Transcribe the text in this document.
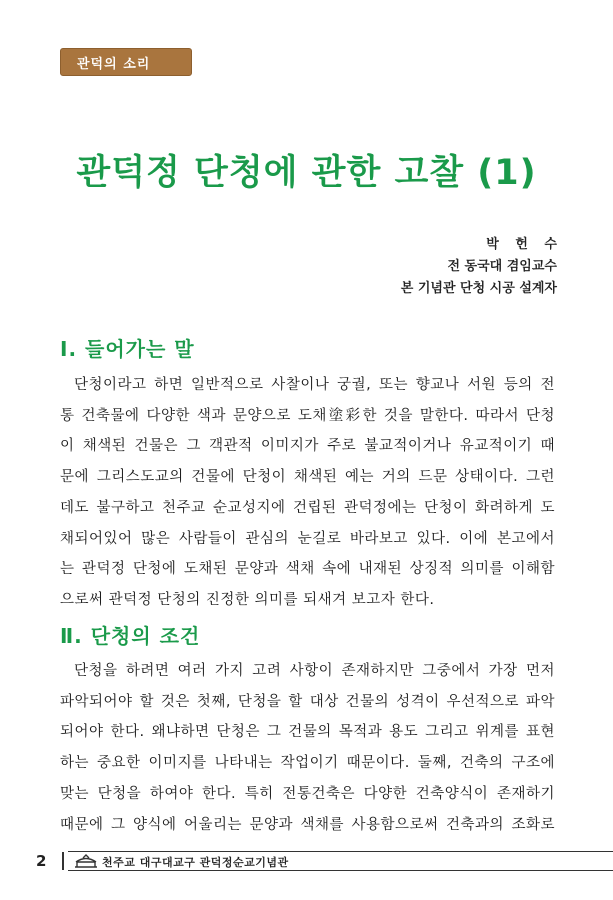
관덕의 소리
관덕정 단청에 관한 고찰 (1)
박 헌 수
전 동국대 겸임교수
본 기념관 단청 시공 설계자
Ⅰ. 들어가는 말
단청이라고 하면 일반적으로 사찰이나 궁궐, 또는 향교나 서원 등의 전
통 건축물에 다양한 색과 문양으로 도채塗彩한 것을 말한다. 따라서 단청
이 채색된 건물은 그 객관적 이미지가 주로 불교적이거나 유교적이기 때
문에 그리스도교의 건물에 단청이 채색된 예는 거의 드문 상태이다. 그런
데도 불구하고 천주교 순교성지에 건립된 관덕정에는 단청이 화려하게 도
채되어있어 많은 사람들이 관심의 눈길로 바라보고 있다. 이에 본고에서
는 관덕정 단청에 도채된 문양과 색채 속에 내재된 상징적 의미를 이해함
으로써 관덕정 단청의 진정한 의미를 되새겨 보고자 한다.
Ⅱ. 단청의 조건
단청을 하려면 여러 가지 고려 사항이 존재하지만 그중에서 가장 먼저
파악되어야 할 것은 첫째, 단청을 할 대상 건물의 성격이 우선적으로 파악
되어야 한다. 왜냐하면 단청은 그 건물의 목적과 용도 그리고 위계를 표현
하는 중요한 이미지를 나타내는 작업이기 때문이다. 둘째, 건축의 구조에
맞는 단청을 하여야 한다. 특히 전통건축은 다양한 건축양식이 존재하기
때문에 그 양식에 어울리는 문양과 색채를 사용함으로써 건축과의 조화로
2	천주교 대구대교구 관덕정순교기념관
